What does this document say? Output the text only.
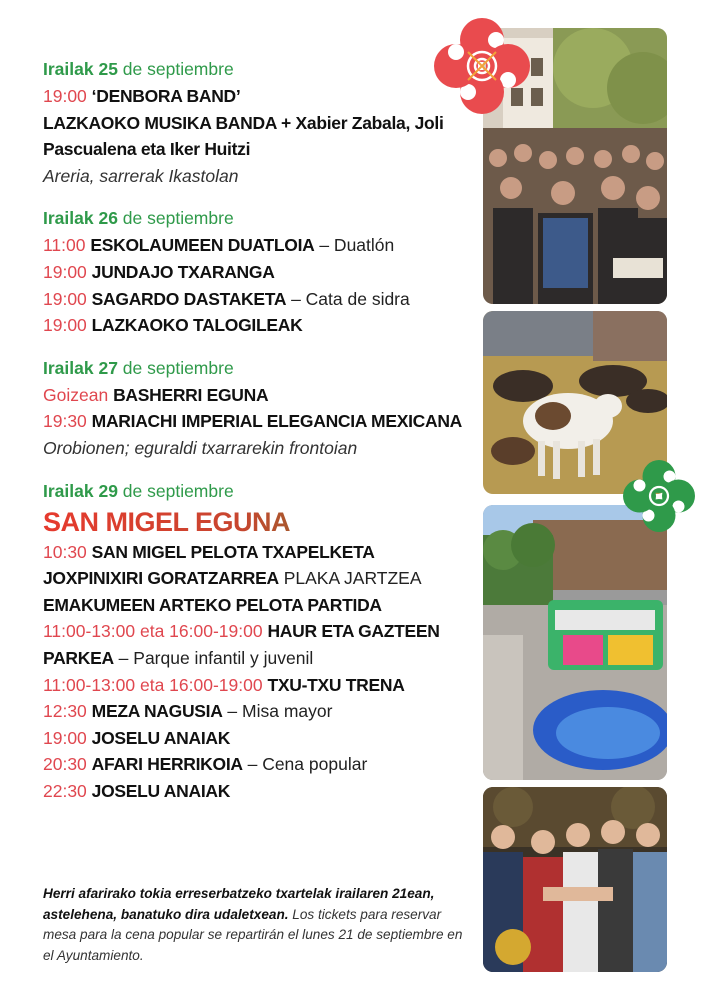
Irailak 25 de septiembre
19:00 ‘DENBORA BAND’
LAZKAOKO MUSIKA BANDA + Xabier Zabala, Joli Pascualena eta Iker Huitzi
Areria, sarrerak Ikastolan
Irailak 26 de septiembre
11:00 ESKOLAUMEEN DUATLOIA – Duatlón
19:00 JUNDAJO TXARANGA
19:00 SAGARDO DASTAKETA – Cata de sidra
19:00 LAZKAOKO TALOGILEAK
Irailak 27 de septiembre
Goizean BASHERRI EGUNA
19:30 MARIACHI IMPERIAL ELEGANCIA MEXICANA Orobionen; eguraldi txarrarekin frontoian
Irailak 29 de septiembre
SAN MIGEL EGUNA
10:30 SAN MIGEL PELOTA TXAPELKETA
JOXPINIXIRI GORATZARREA PLAKA JARTZEA
EMAKUMEEN ARTEKO PELOTA PARTIDA
11:00-13:00 eta 16:00-19:00 HAUR ETA GAZTEEN PARKEA – Parque infantil y juvenil
11:00-13:00 eta 16:00-19:00 TXU-TXU TRENA
12:30 MEZA NAGUSIA – Misa mayor
19:00 JOSELU ANAIAK
20:30 AFARI HERRIKOIA – Cena popular
22:30 JOSELU ANAIAK
Herri afarirako tokia erreserbatzeko txartelak irailaren 21ean, astelehena, banatuko dira udaletxean. Los tickets para reservar mesa para la cena popular se repartirán el lunes 21 de septiembre en el Ayuntamiento.
